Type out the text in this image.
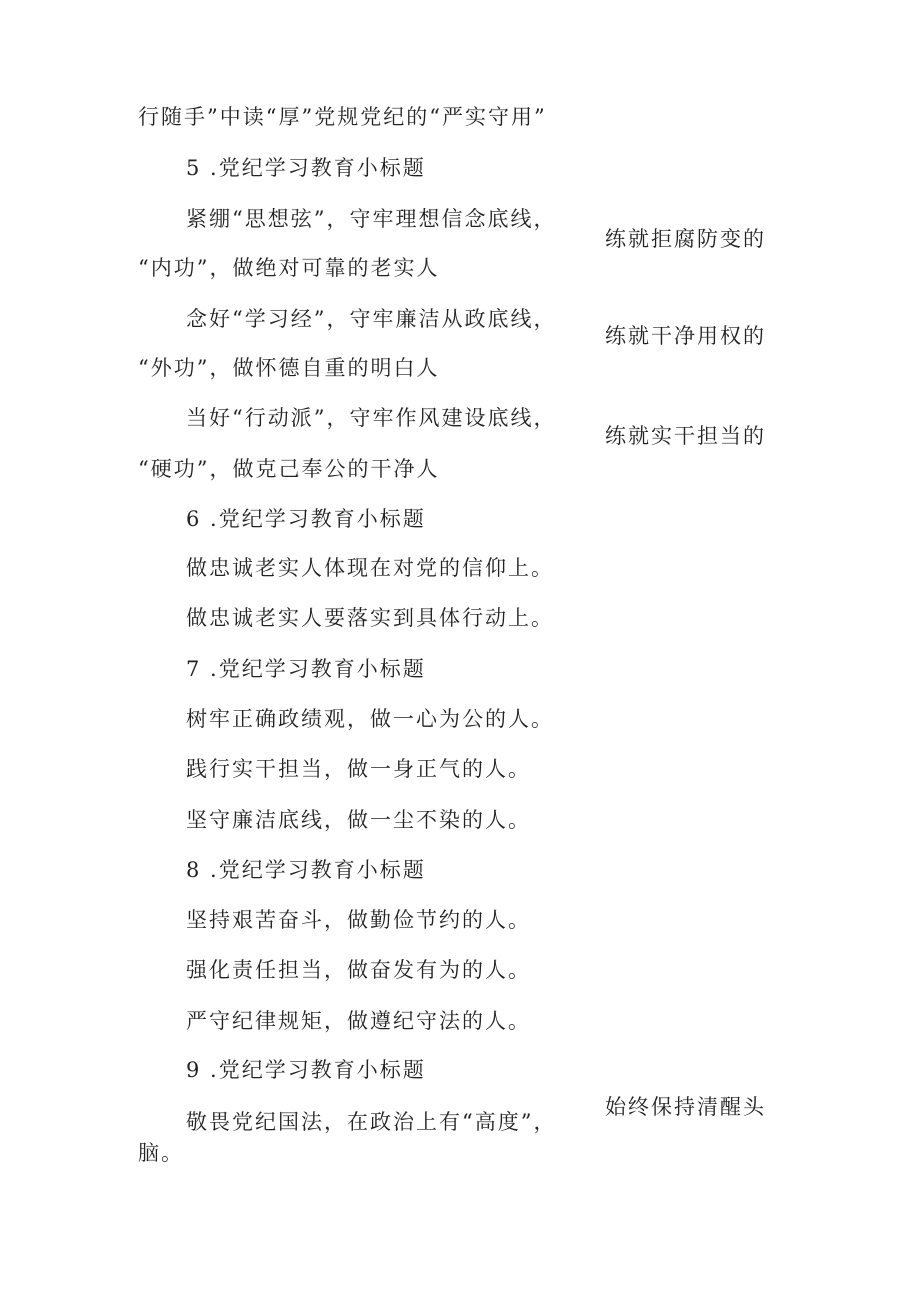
行随手”中读“厚”党规党纪的“严实守用”
5 .党纪学习教育小标题
紧绷“思想弦”，守牢理想信念底线，
练就拒腐防变的
“内功”，做绝对可靠的老实人
念好“学习经”，守牢廉洁从政底线，
练就干净用权的
“外功”，做怀德自重的明白人
当好“行动派”，守牢作风建设底线，
练就实干担当的
“硬功”，做克己奉公的干净人
6 .党纪学习教育小标题
做忠诚老实人体现在对党的信仰上。
做忠诚老实人要落实到具体行动上。
7 .党纪学习教育小标题
树牢正确政绩观，做一心为公的人。
践行实干担当，做一身正气的人。
坚守廉洁底线，做一尘不染的人。
8 .党纪学习教育小标题
坚持艰苦奋斗，做勤俭节约的人。
强化责任担当，做奋发有为的人。
严守纪律规矩，做遵纪守法的人。
9 .党纪学习教育小标题
始终保持清醒头
敬畏党纪国法，在政治上有“高度”，
脑。
